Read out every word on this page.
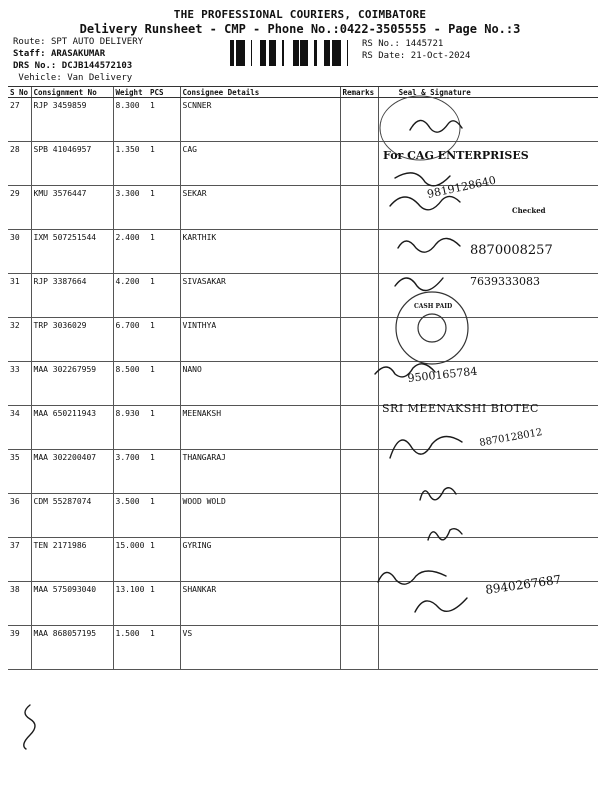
THE PROFESSIONAL COURIERS, COIMBATORE
Delivery Runsheet - CMP - Phone No.:0422-3505555 - Page No.:3
Route: SPT AUTO DELIVERY
Staff: ARASAKUMAR
DRS No.: DCJB144572103
Vehicle: Van Delivery
RS No.: 1445721
RS Date: 21-Oct-2024
S No	Consignment No	Weight	PCS	Consignee Details	Remarks	Seal & Signature
27	RJP 3459859	8.300	1	SCNNER		
28	SPB 41046957	1.350	1	CAG		
29	KMU 3576447	3.300	1	SEKAR		
30	IXM 507251544	2.400	1	KARTHIK		
31	RJP 3387664	4.200	1	SIVASAKAR		
32	TRP 3036029	6.700	1	VINTHYA		
33	MAA 302267959	8.500	1	NANO		
34	MAA 650211943	8.930	1	MEENAKSH		
35	MAA 302200407	3.700	1	THANGARAJ		
36	CDM 55287074	3.500	1	WOOD WOLD		
37	TEN 2171986	15.000	1	GYRING		
38	MAA 575093040	13.100	1	SHANKAR		
39	MAA 868057195	1.500	1	VS		
For CAG ENTERPRISES
Checked
9819128640
8870008257
7639333083
CASH PAID
9500165784
SRI MEENAKSHI BIOTEC
8870128012
8940267687
